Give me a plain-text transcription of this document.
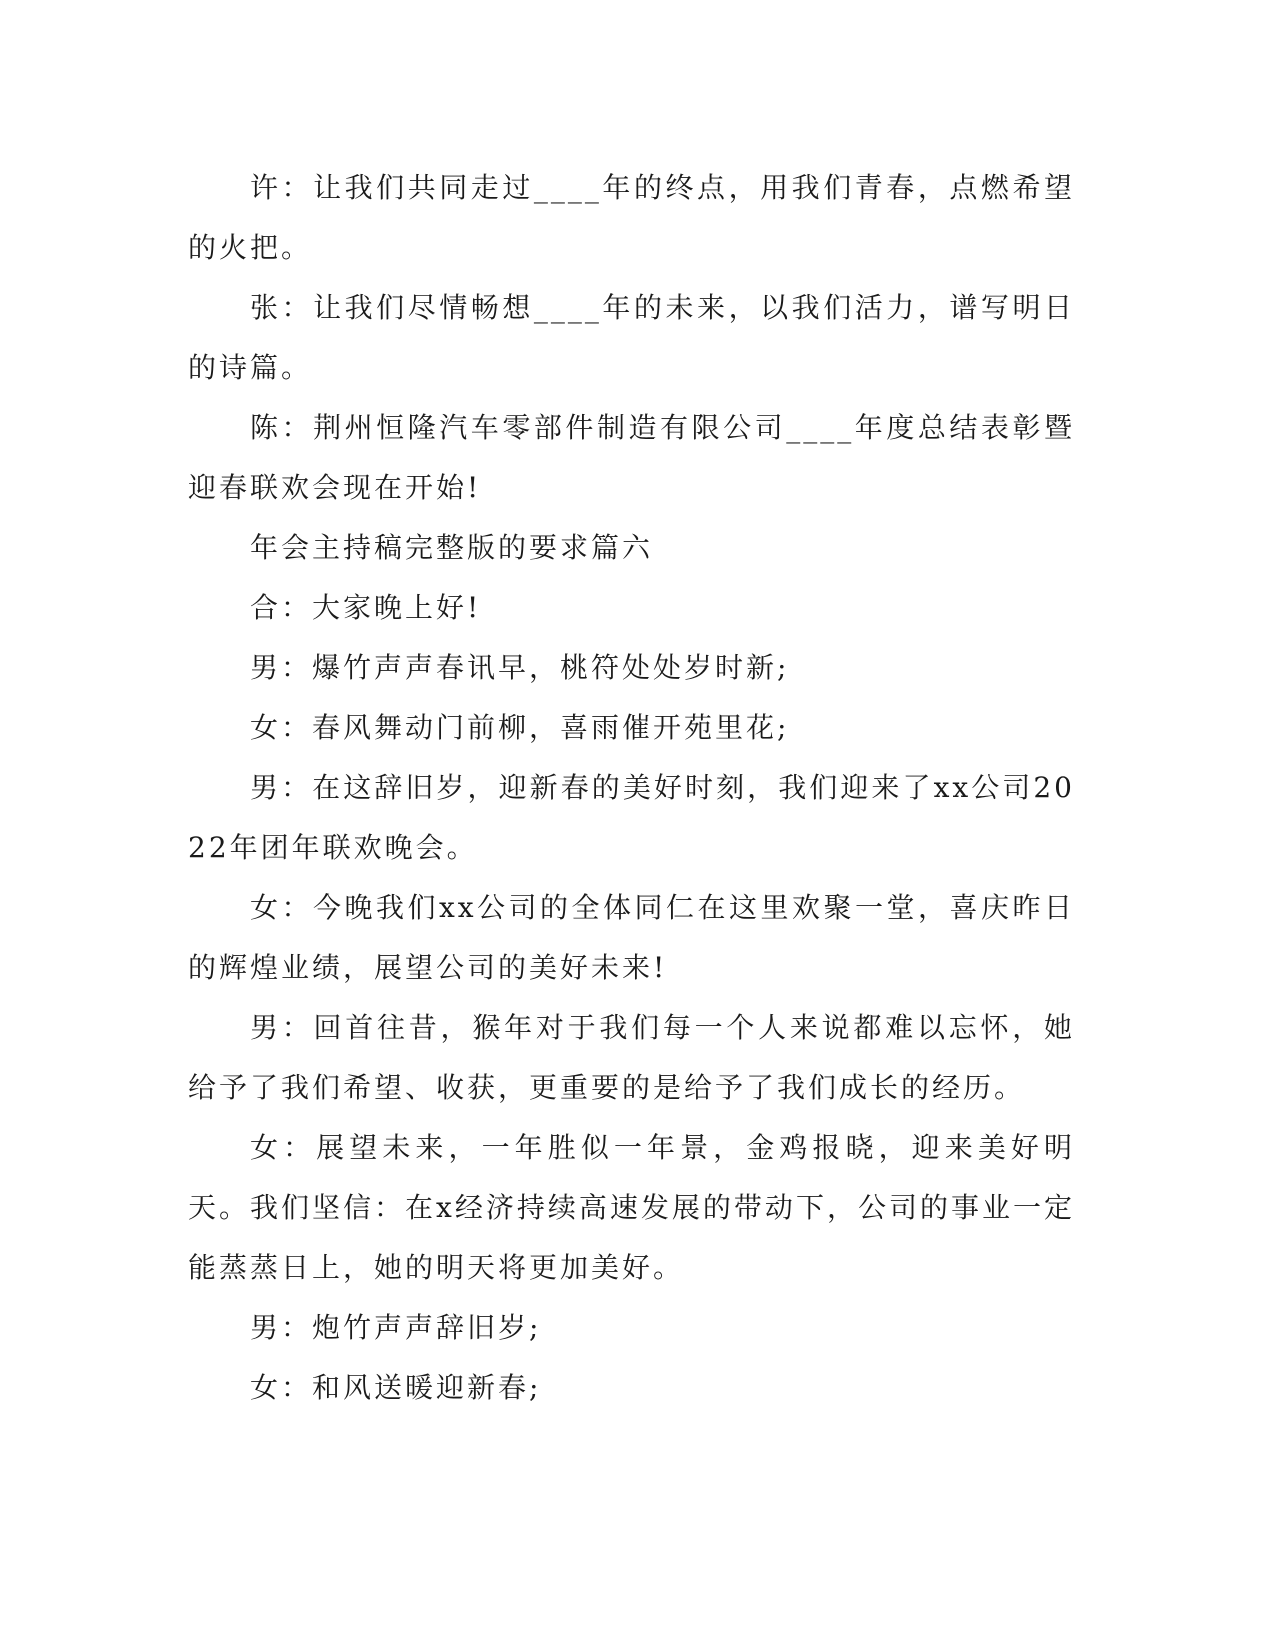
许：让我们共同走过____年的终点，用我们青春，点燃希望的火把。

张：让我们尽情畅想____年的未来，以我们活力，谱写明日的诗篇。

陈：荆州恒隆汽车零部件制造有限公司____年度总结表彰暨迎春联欢会现在开始!

年会主持稿完整版的要求篇六

合：大家晚上好!

男：爆竹声声春讯早，桃符处处岁时新;

女：春风舞动门前柳，喜雨催开苑里花;

男：在这辞旧岁，迎新春的美好时刻，我们迎来了xx公司2022年团年联欢晚会。

女：今晚我们xx公司的全体同仁在这里欢聚一堂，喜庆昨日的辉煌业绩，展望公司的美好未来!

男：回首往昔，猴年对于我们每一个人来说都难以忘怀，她给予了我们希望、收获，更重要的是给予了我们成长的经历。

女：展望未来，一年胜似一年景，金鸡报晓，迎来美好明天。我们坚信：在x经济持续高速发展的带动下，公司的事业一定能蒸蒸日上，她的明天将更加美好。

男：炮竹声声辞旧岁;

女：和风送暖迎新春;
